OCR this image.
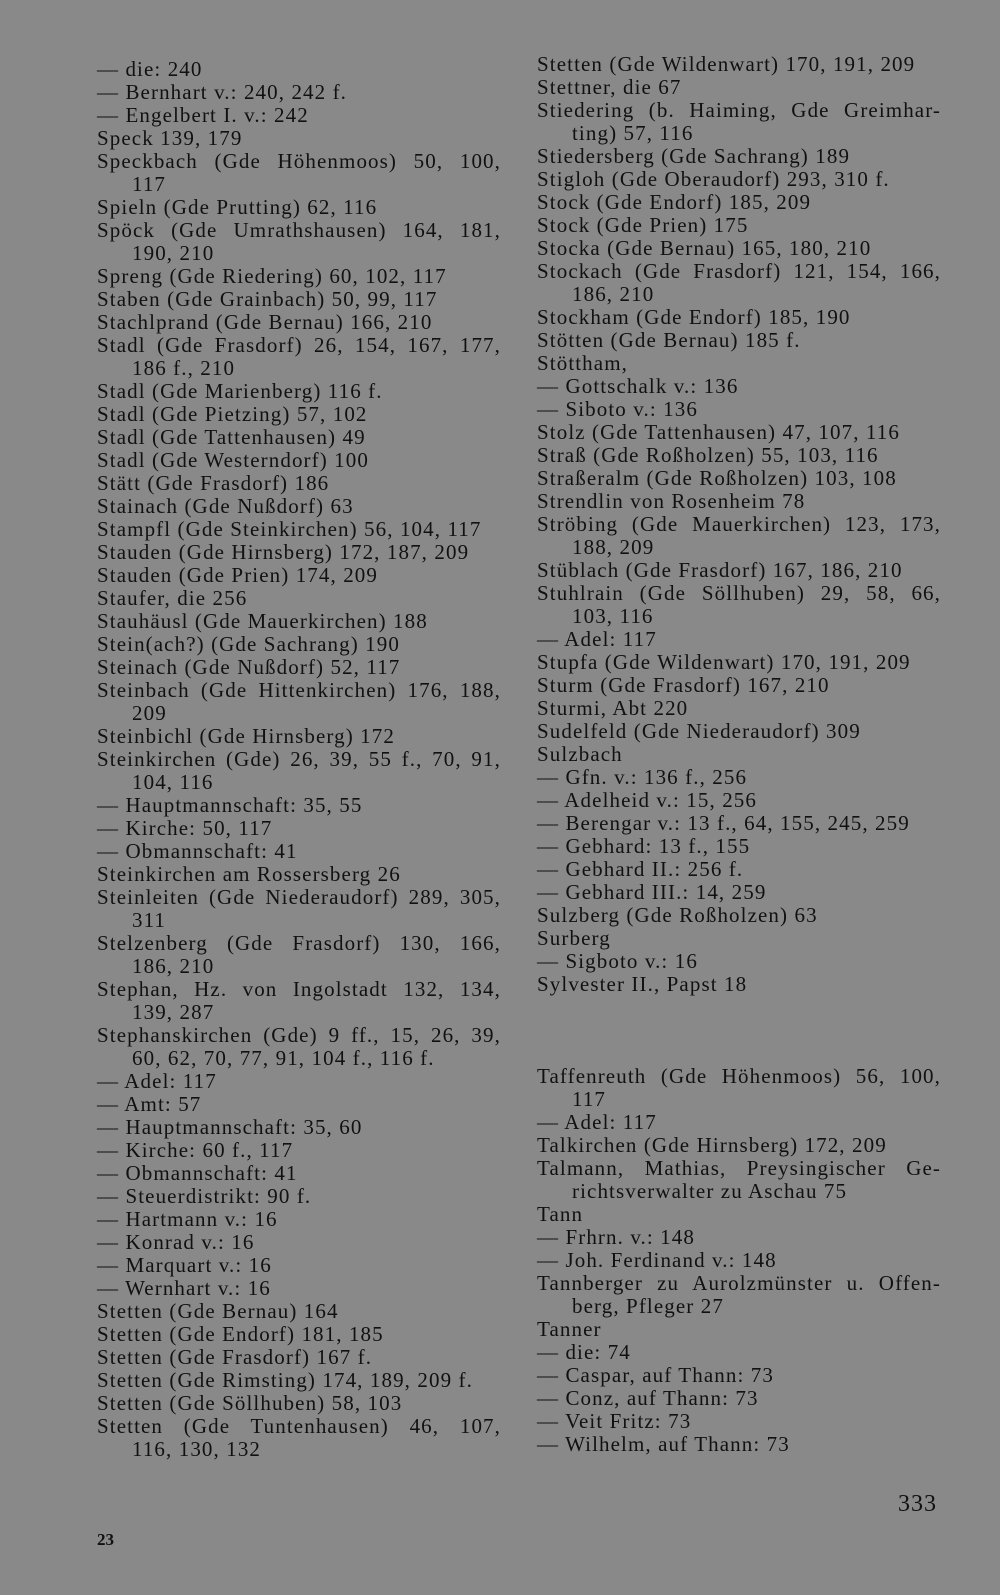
— die: 240
— Bernhart v.: 240, 242 f.
— Engelbert I. v.: 242
Speck 139, 179
Speckbach (Gde Höhenmoos) 50, 100,
117
Spieln (Gde Prutting) 62, 116
Spöck (Gde Umrathshausen) 164, 181,
190, 210
Spreng (Gde Riedering) 60, 102, 117
Staben (Gde Grainbach) 50, 99, 117
Stachlprand (Gde Bernau) 166, 210
Stadl (Gde Frasdorf) 26, 154, 167, 177,
186 f., 210
Stadl (Gde Marienberg) 116 f.
Stadl (Gde Pietzing) 57, 102
Stadl (Gde Tattenhausen) 49
Stadl (Gde Westerndorf) 100
Stätt (Gde Frasdorf) 186
Stainach (Gde Nußdorf) 63
Stampfl (Gde Steinkirchen) 56, 104, 117
Stauden (Gde Hirnsberg) 172, 187, 209
Stauden (Gde Prien) 174, 209
Staufer, die 256
Stauhäusl (Gde Mauerkirchen) 188
Stein(ach?) (Gde Sachrang) 190
Steinach (Gde Nußdorf) 52, 117
Steinbach (Gde Hittenkirchen) 176, 188,
209
Steinbichl (Gde Hirnsberg) 172
Steinkirchen (Gde) 26, 39, 55 f., 70, 91,
104, 116
— Hauptmannschaft: 35, 55
— Kirche: 50, 117
— Obmannschaft: 41
Steinkirchen am Rossersberg 26
Steinleiten (Gde Niederaudorf) 289, 305,
311
Stelzenberg (Gde Frasdorf) 130, 166,
186, 210
Stephan, Hz. von Ingolstadt 132, 134,
139, 287
Stephanskirchen (Gde) 9 ff., 15, 26, 39,
60, 62, 70, 77, 91, 104 f., 116 f.
— Adel: 117
— Amt: 57
— Hauptmannschaft: 35, 60
— Kirche: 60 f., 117
— Obmannschaft: 41
— Steuerdistrikt: 90 f.
— Hartmann v.: 16
— Konrad v.: 16
— Marquart v.: 16
— Wernhart v.: 16
Stetten (Gde Bernau) 164
Stetten (Gde Endorf) 181, 185
Stetten (Gde Frasdorf) 167 f.
Stetten (Gde Rimsting) 174, 189, 209 f.
Stetten (Gde Söllhuben) 58, 103
Stetten (Gde Tuntenhausen) 46, 107,
116, 130, 132
Stetten (Gde Wildenwart) 170, 191, 209
Stettner, die 67
Stiedering (b. Haiming, Gde Greimhar-
ting) 57, 116
Stiedersberg (Gde Sachrang) 189
Stigloh (Gde Oberaudorf) 293, 310 f.
Stock (Gde Endorf) 185, 209
Stock (Gde Prien) 175
Stocka (Gde Bernau) 165, 180, 210
Stockach (Gde Frasdorf) 121, 154, 166,
186, 210
Stockham (Gde Endorf) 185, 190
Stötten (Gde Bernau) 185 f.
Stöttham,
— Gottschalk v.: 136
— Siboto v.: 136
Stolz (Gde Tattenhausen) 47, 107, 116
Straß (Gde Roßholzen) 55, 103, 116
Straßeralm (Gde Roßholzen) 103, 108
Strendlin von Rosenheim 78
Ströbing (Gde Mauerkirchen) 123, 173,
188, 209
Stüblach (Gde Frasdorf) 167, 186, 210
Stuhlrain (Gde Söllhuben) 29, 58, 66,
103, 116
— Adel: 117
Stupfa (Gde Wildenwart) 170, 191, 209
Sturm (Gde Frasdorf) 167, 210
Sturmi, Abt 220
Sudelfeld (Gde Niederaudorf) 309
Sulzbach
— Gfn. v.: 136 f., 256
— Adelheid v.: 15, 256
— Berengar v.: 13 f., 64, 155, 245, 259
— Gebhard: 13 f., 155
— Gebhard II.: 256 f.
— Gebhard III.: 14, 259
Sulzberg (Gde Roßholzen) 63
Surberg
— Sigboto v.: 16
Sylvester II., Papst 18
Taffenreuth (Gde Höhenmoos) 56, 100,
117
— Adel: 117
Talkirchen (Gde Hirnsberg) 172, 209
Talmann, Mathias, Preysingischer Ge-
richtsverwalter zu Aschau 75
Tann
— Frhrn. v.: 148
— Joh. Ferdinand v.: 148
Tannberger zu Aurolzmünster u. Offen-
berg, Pfleger 27
Tanner
— die: 74
— Caspar, auf Thann: 73
— Conz, auf Thann: 73
— Veit Fritz: 73
— Wilhelm, auf Thann: 73
333
23
